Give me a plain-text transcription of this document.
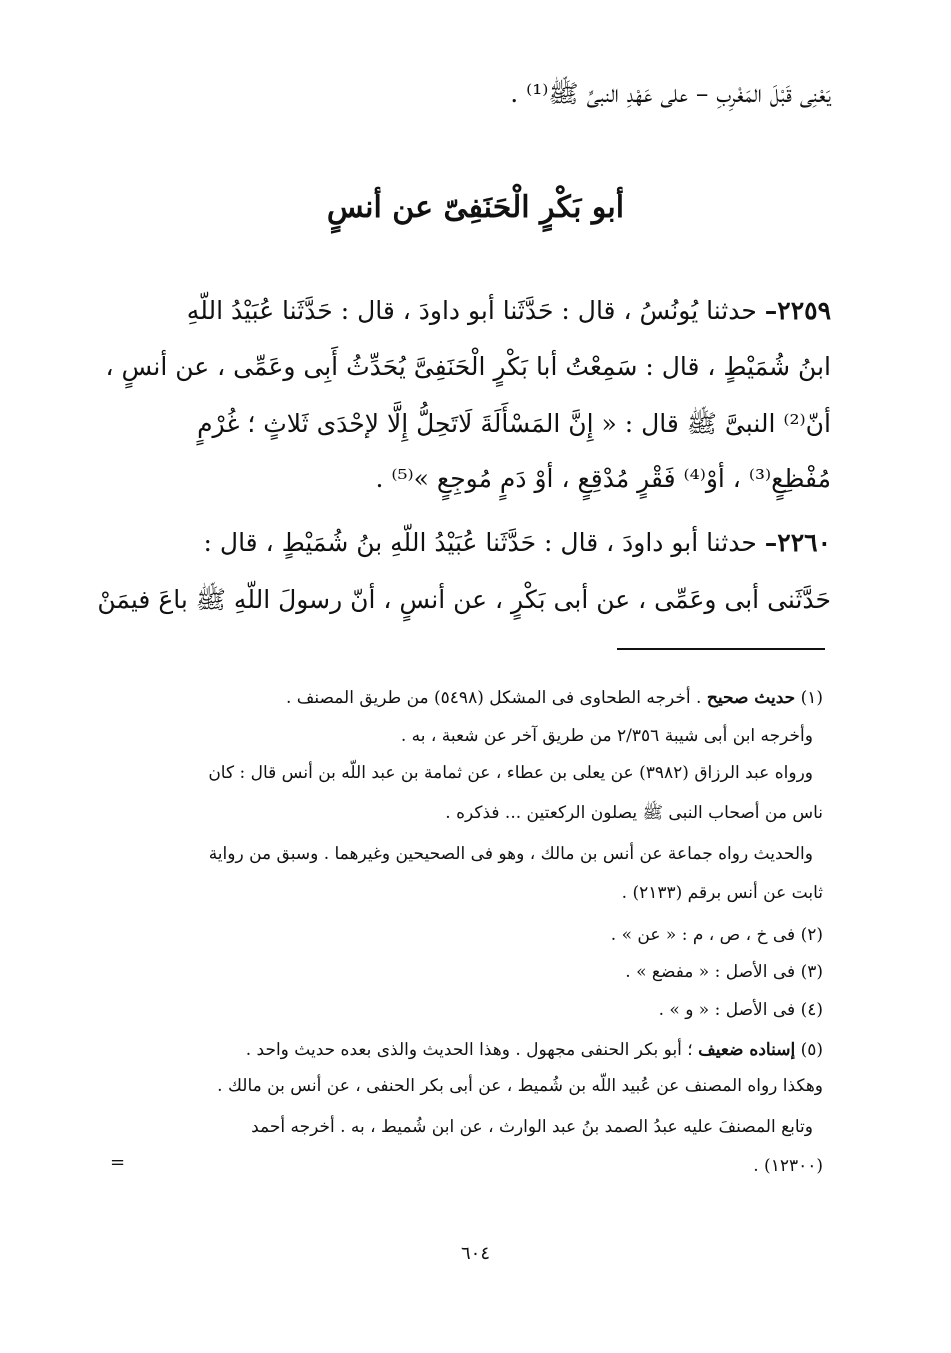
يَعْنِى قَبْلَ المَغْرِبِ – على عَهْدِ النبىِّ ﷺ⁽¹⁾ .
أبو بَكْرٍ الْحَنَفِىّ عن أنسٍ
٢٢٥٩– حدثنا يُونُسُ ، قال : حَدَّثَنا أبو داودَ ، قال : حَدَّثَنا عُبَيْدُ اللّهِ
ابنُ شُمَيْطٍ ، قال : سَمِعْتُ أبا بَكْرٍ الْحَنَفِىَّ يُحَدِّثُ أَبِى وعَمِّى ، عن أنسٍ ،
أنّ⁽²⁾ النبىَّ ﷺ قال : « إِنَّ المَسْأَلَةَ لَاتَحِلُّ إِلَّا لإحْدَى ثَلاثٍ ؛ غُرْمٍ
مُفْظِعٍ⁽³⁾ ، أوْ⁽⁴⁾ فَقْرٍ مُدْقِعٍ ، أوْ دَمٍ مُوجِعٍ »⁽⁵⁾ .
٢٢٦٠– حدثنا أبو داودَ ، قال : حَدَّثَنا عُبَيْدُ اللّهِ بنُ شُمَيْطٍ ، قال :
حَدَّثَنى أبى وعَمِّى ، عن أبى بَكْرٍ ، عن أنسٍ ، أنّ رسولَ اللّهِ ﷺ باعَ فيمَنْ
(١) حديث صحيح . أخرجه الطحاوى فى المشكل (٥٤٩٨) من طريق المصنف .
وأخرجه ابن أبى شيبة ٢/٣٥٦ من طريق آخر عن شعبة ، به .
ورواه عبد الرزاق (٣٩٨٢) عن يعلى بن عطاء ، عن ثمامة بن عبد اللّه بن أنس قال : كان
ناس من أصحاب النبى ﷺ يصلون الركعتين ... فذكره .
والحديث رواه جماعة عن أنس بن مالك ، وهو فى الصحيحين وغيرهما . وسبق من رواية
ثابت عن أنس برقم (٢١٣٣) .
(٢) فى خ ، ص ، م : « عن » .
(٣) فى الأصل : « مفضع » .
(٤) فى الأصل : « و » .
(٥) إسناده ضعيف ؛ أبو بكر الحنفى مجهول . وهذا الحديث والذى بعده حديث واحد .
وهكذا رواه المصنف عن عُبيد اللّه بن شُميط ، عن أبى بكر الحنفى ، عن أنس بن مالك .
وتابع المصنفَ عليه عبدُ الصمد بنُ عبد الوارث ، عن ابن شُميط ، به . أخرجه أحمد
(١٢٣٠٠) .
=
٦٠٤
